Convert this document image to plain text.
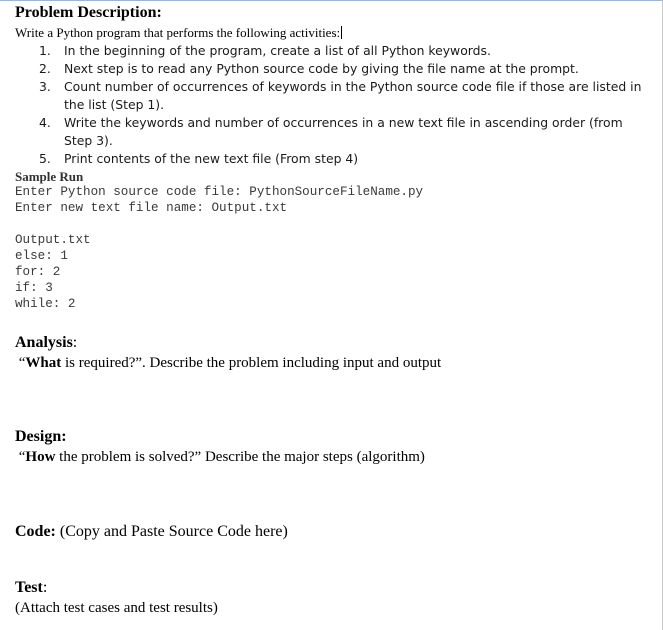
Problem Description:

Write a Python program that performs the following activities:

1. In the beginning of the program, create a list of all Python keywords.
2. Next step is to read any Python source code by giving the file name at the prompt.
3. Count number of occurrences of keywords in the Python source code file if those are listed in the list (Step 1).
4. Write the keywords and number of occurrences in a new text file in ascending order (from Step 3).
5. Print contents of the new text file (From step 4)

Sample Run

Enter Python source code file: PythonSourceFileName.py
Enter new text file name: Output.txt
Output.txt
else: 1
for: 2
if: 3
while: 2

Analysis:

“What is required?”. Describe the problem including input and output

Design:

“How the problem is solved?” Describe the major steps (algorithm)

Code: (Copy and Paste Source Code here)

Test:

(Attach test cases and test results)
